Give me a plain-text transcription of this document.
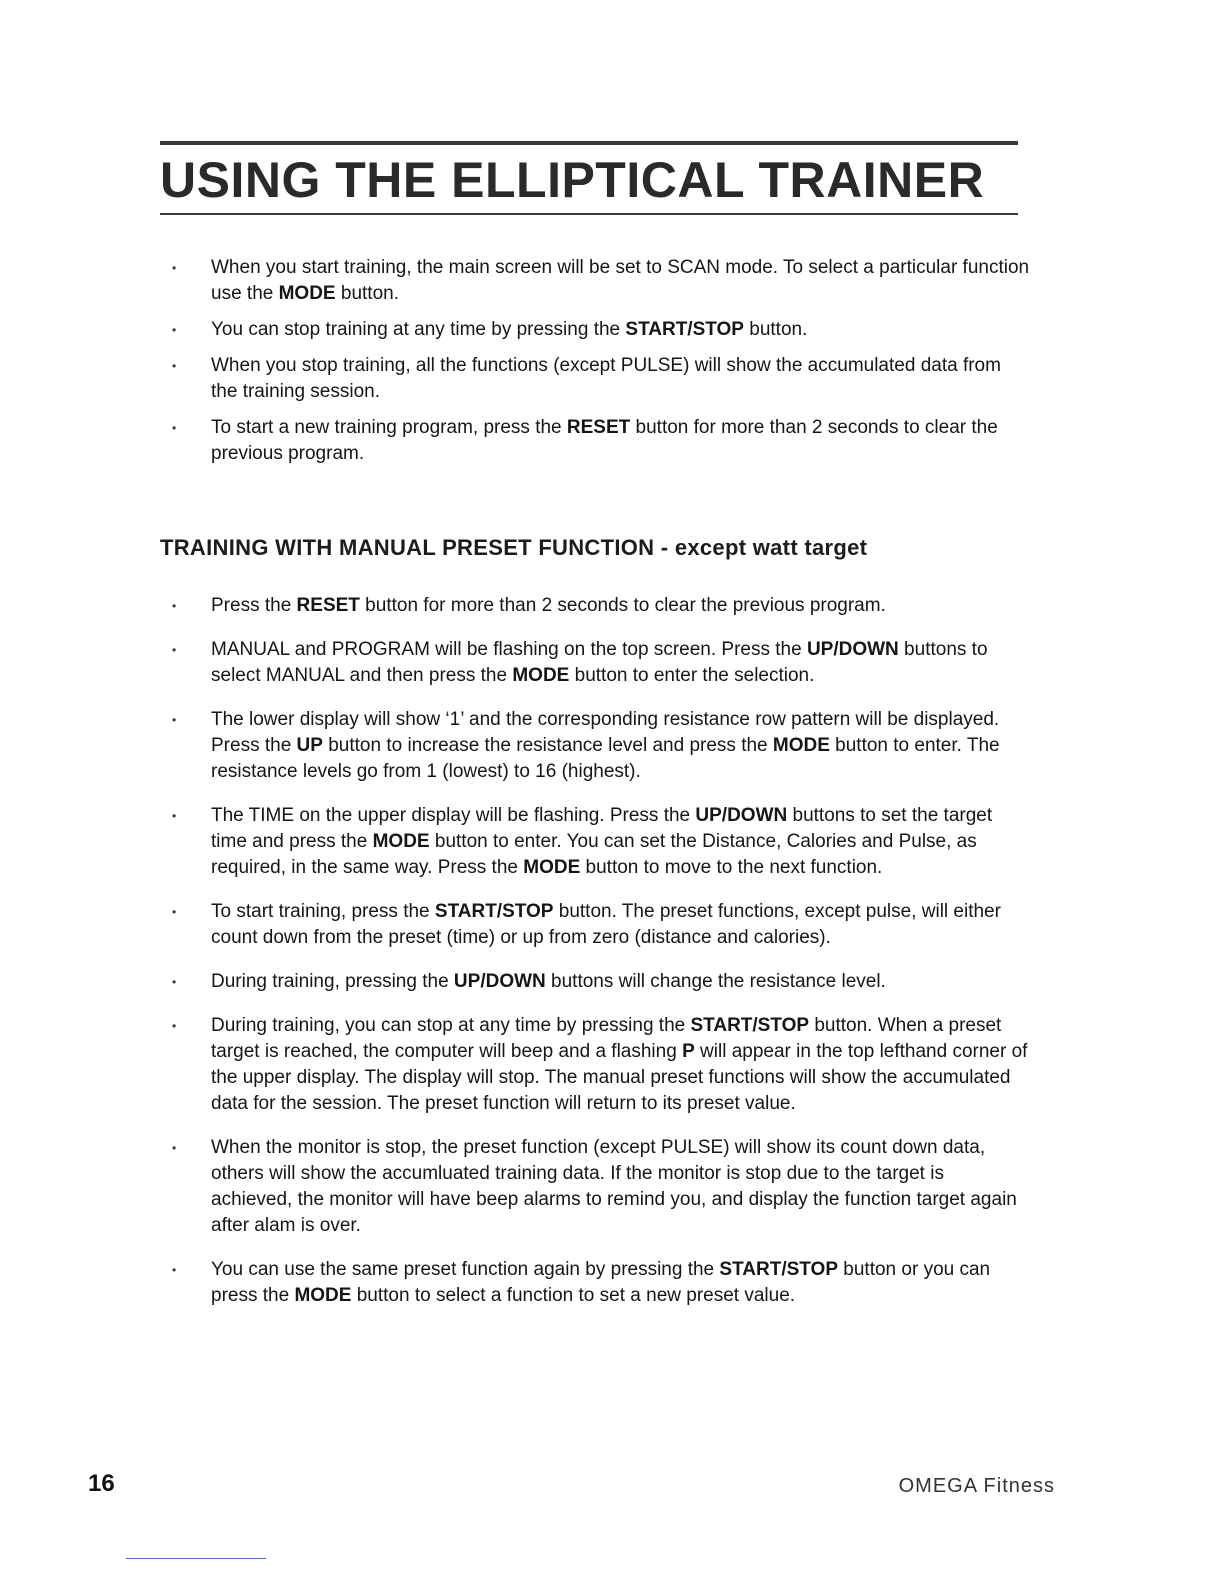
USING THE ELLIPTICAL TRAINER
• When you start training, the main screen will be set to SCAN mode. To select a particular function use the MODE button.
• You can stop training at any time by pressing the START/STOP button.
• When you stop training, all the functions (except PULSE) will show the accumulated data from the training session.
• To start a new training program, press the RESET button for more than 2 seconds to clear the previous program.
TRAINING WITH MANUAL PRESET FUNCTION - except watt target
• Press the RESET button for more than 2 seconds to clear the previous program.
• MANUAL and PROGRAM will be flashing on the top screen. Press the UP/DOWN buttons to select MANUAL and then press the MODE button to enter the selection.
• The lower display will show ‘1’ and the corresponding resistance row pattern will be displayed. Press the UP button to increase the resistance level and press the MODE button to enter. The resistance levels go from 1 (lowest) to 16 (highest).
• The TIME on the upper display will be flashing. Press the UP/DOWN buttons to set the target time and press the MODE button to enter. You can set the Distance, Calories and Pulse, as required, in the same way. Press the MODE button to move to the next function.
• To start training, press the START/STOP button. The preset functions, except pulse, will either count down from the preset (time) or up from zero (distance and calories).
• During training, pressing the UP/DOWN buttons will change the resistance level.
• During training, you can stop at any time by pressing the START/STOP button. When a preset target is reached, the computer will beep and a flashing P will appear in the top lefthand corner of the upper display. The display will stop. The manual preset functions will show the accumulated data for the session. The preset function will return to its preset value.
• When the monitor is stop, the preset function (except PULSE) will show its count down data, others will show the accumluated training data. If the monitor is stop due to the target is achieved, the monitor will have beep alarms to remind you, and display the function target again after alam is over.
• You can use the same preset function again by pressing the START/STOP button or you can press the MODE button to select a function to set a new preset value.
16	OMEGA Fitness
